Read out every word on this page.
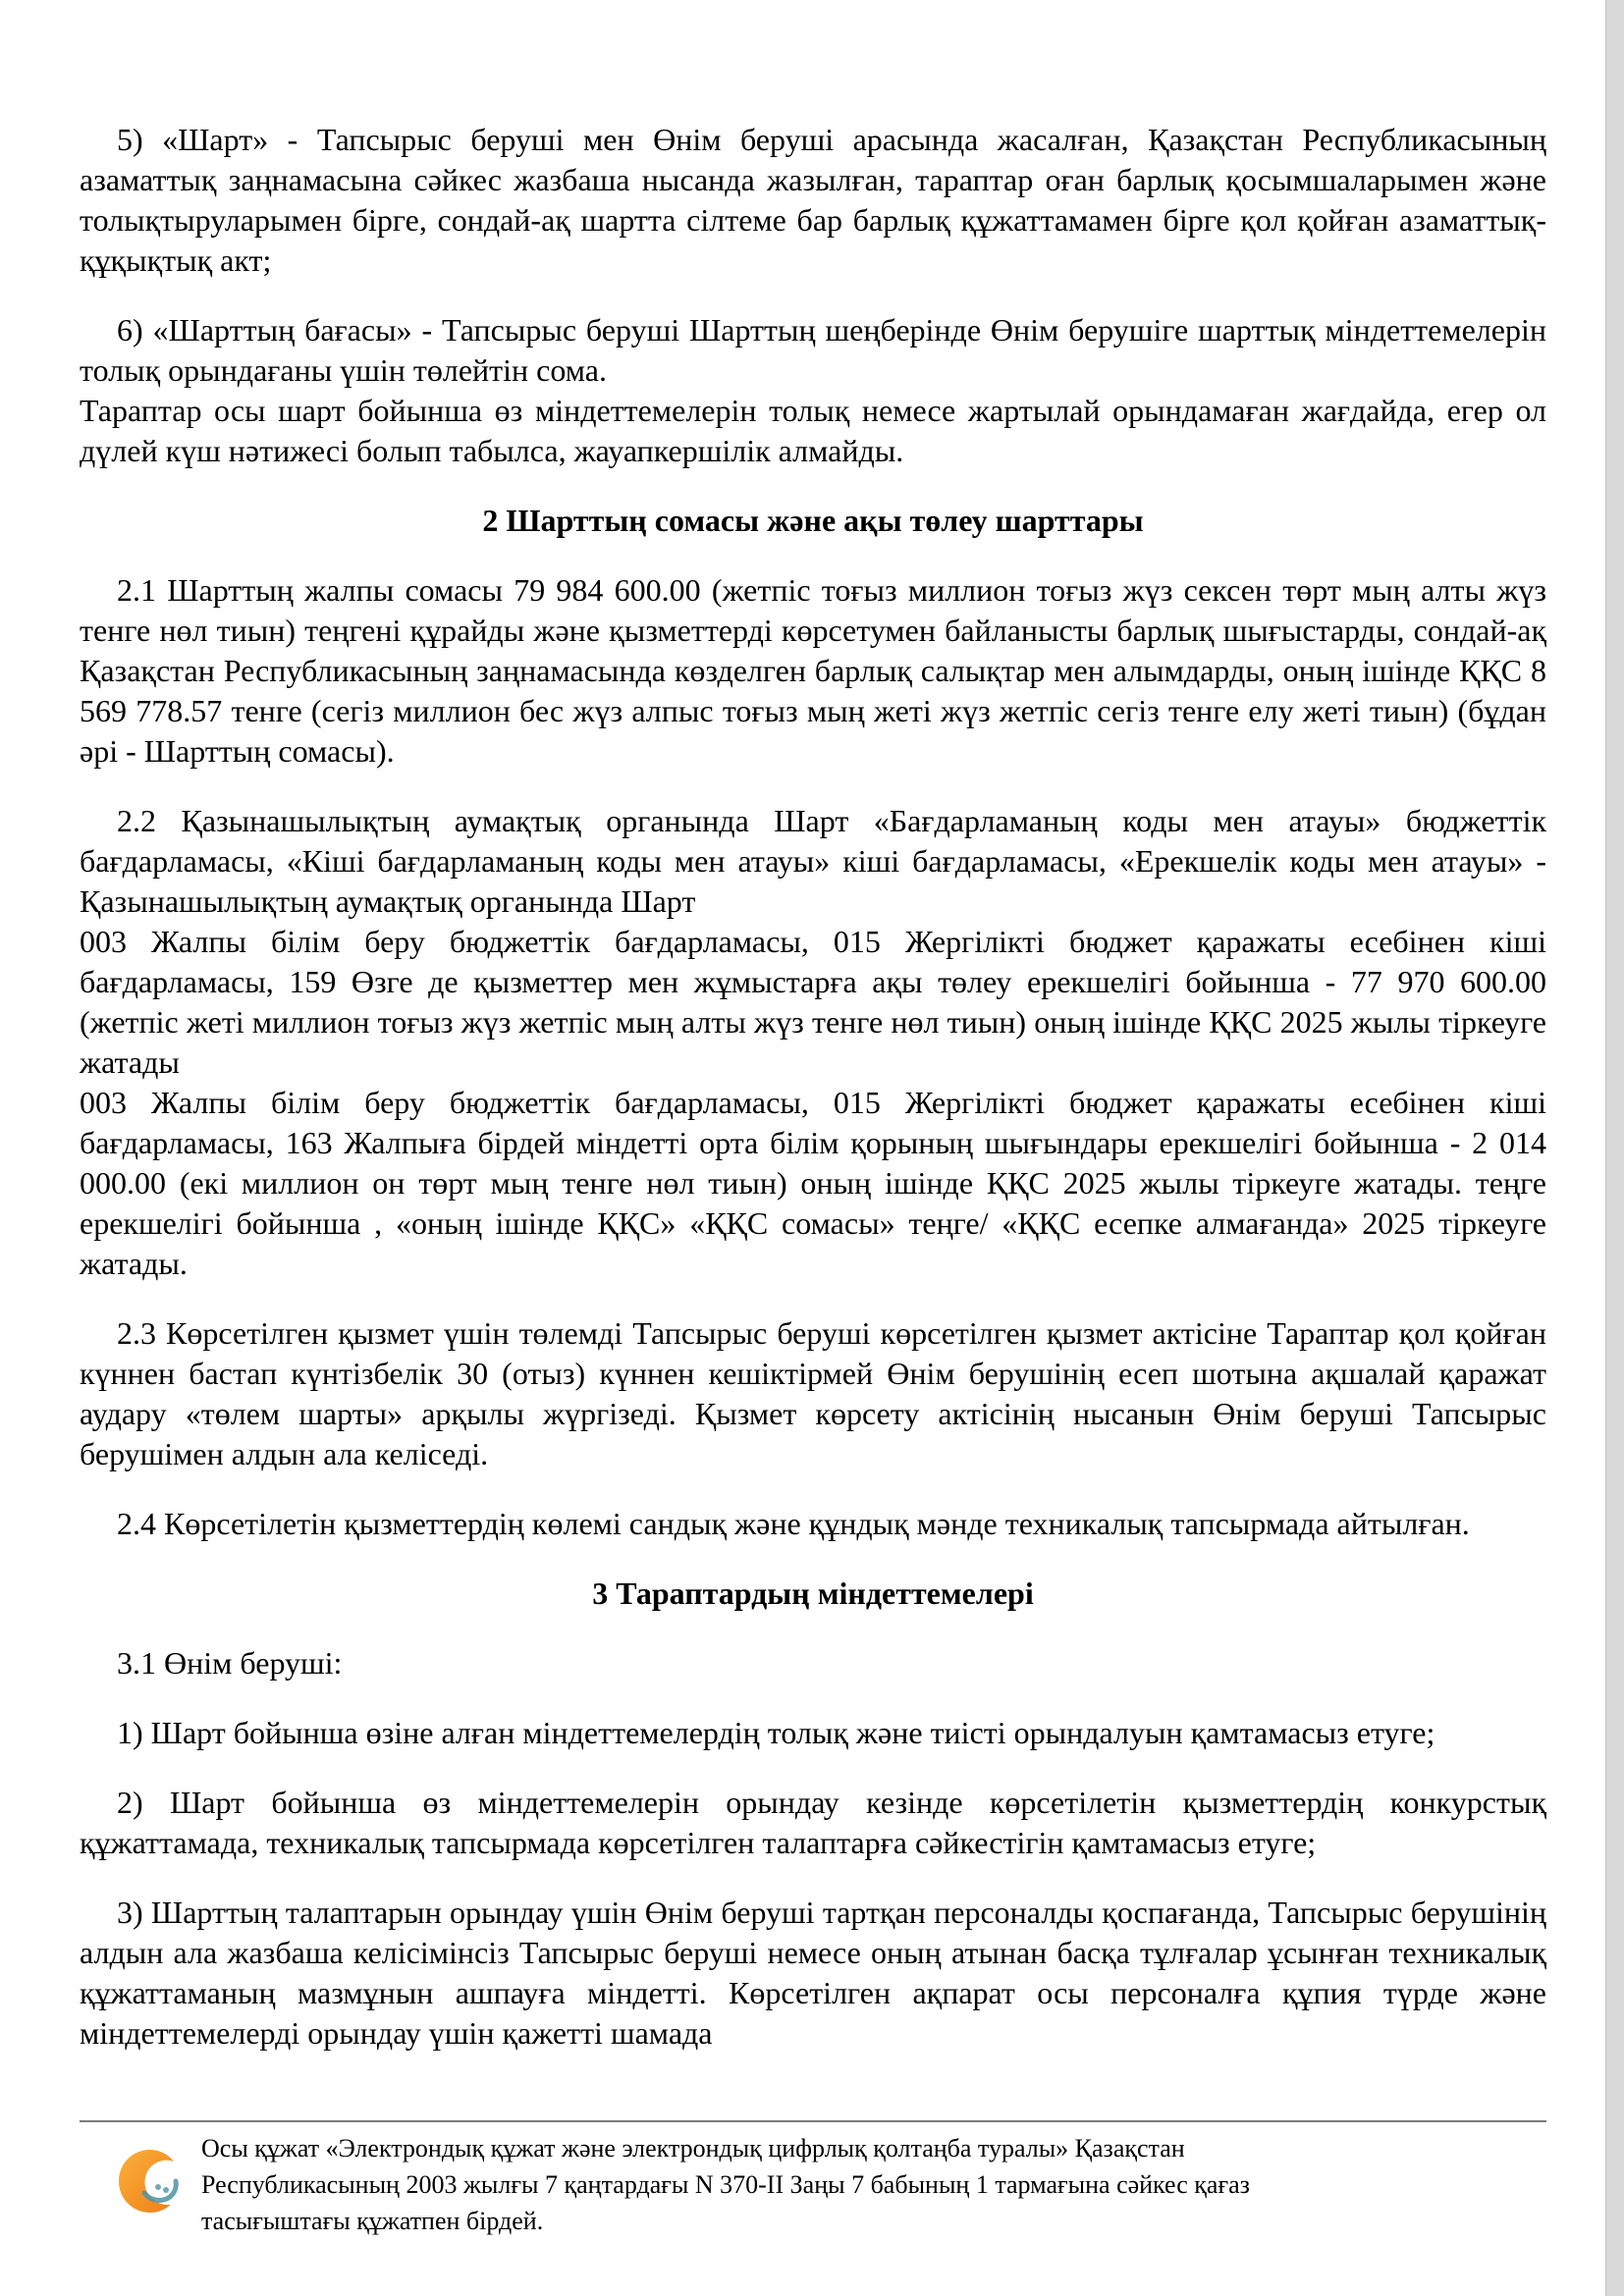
5) «Шарт» - Тапсырыс беруші мен Өнім беруші арасында жасалған, Қазақстан Республикасының азаматтық заңнамасына сәйкес жазбаша нысанда жазылған, тараптар оған барлық қосымшаларымен және толықтыруларымен бірге, сондай-ақ шартта сілтеме бар барлық құжаттамамен бірге қол қойған азаматтық-құқықтық акт;

6) «Шарттың бағасы» - Тапсырыс беруші Шарттың шеңберінде Өнім берушіге шарттық міндеттемелерін толық орындағаны үшін төлейтін сома.

Тараптар осы шарт бойынша өз міндеттемелерін толық немесе жартылай орындамаған жағдайда, егер ол дүлей күш нәтижесі болып табылса, жауапкершілік алмайды.

2 Шарттың сомасы және ақы төлеу шарттары

2.1 Шарттың жалпы сомасы 79 984 600.00 (жетпіс тоғыз миллион тоғыз жүз сексен төрт мың алты жүз тенге нөл тиын) теңгені құрайды және қызметтерді көрсетумен байланысты барлық шығыстарды, сондай-ақ Қазақстан Республикасының заңнамасында көзделген барлық салықтар мен алымдарды, оның ішінде ҚҚС 8 569 778.57 тенге (сегіз миллион бес жүз алпыс тоғыз мың жеті жүз жетпіс сегіз тенге елу жеті тиын) (бұдан әрі - Шарттың сомасы).

2.2 Қазынашылықтың аумақтық органында Шарт «Бағдарламаның коды мен атауы» бюджеттік бағдарламасы, «Кіші бағдарламаның коды мен атауы» кіші бағдарламасы, «Ерекшелік коды мен атауы» - Қазынашылықтың аумақтық органында Шарт

003 Жалпы білім беру бюджеттік бағдарламасы, 015 Жергілікті бюджет қаражаты есебінен кіші бағдарламасы, 159 Өзге де қызметтер мен жұмыстарға ақы төлеу ерекшелігі бойынша - 77 970 600.00 (жетпіс жеті миллион тоғыз жүз жетпіс мың алты жүз тенге нөл тиын) оның ішінде ҚҚС 2025 жылы тіркеуге жатады

003 Жалпы білім беру бюджеттік бағдарламасы, 015 Жергілікті бюджет қаражаты есебінен кіші бағдарламасы, 163 Жалпыға бірдей міндетті орта білім қорының шығындары ерекшелігі бойынша - 2 014 000.00 (екі миллион он төрт мың тенге нөл тиын) оның ішінде ҚҚС 2025 жылы тіркеуге жатады. теңге ерекшелігі бойынша , «оның ішінде ҚҚС» «ҚҚС сомасы» теңге/ «ҚҚС есепке алмағанда» 2025 тіркеуге жатады.

2.3 Көрсетілген қызмет үшін төлемді Тапсырыс беруші көрсетілген қызмет актісіне Тараптар қол қойған күннен бастап күнтізбелік 30 (отыз) күннен кешіктірмей Өнім берушінің есеп шотына ақшалай қаражат аудару «төлем шарты» арқылы жүргізеді. Қызмет көрсету актісінің нысанын Өнім беруші Тапсырыс берушімен алдын ала келіседі.

2.4 Көрсетілетін қызметтердің көлемі сандық және құндық мәнде техникалық тапсырмада айтылған.

3 Тараптардың міндеттемелері

3.1 Өнім беруші:

1) Шарт бойынша өзіне алған міндеттемелердің толық және тиісті орындалуын қамтамасыз етуге;

2) Шарт бойынша өз міндеттемелерін орындау кезінде көрсетілетін қызметтердің конкурстық құжаттамада, техникалық тапсырмада көрсетілген талаптарға сәйкестігін қамтамасыз етуге;

3) Шарттың талаптарын орындау үшін Өнім беруші тартқан персоналды қоспағанда, Тапсырыс берушінің алдын ала жазбаша келісімінсіз Тапсырыс беруші немесе оның атынан басқа тұлғалар ұсынған техникалық құжаттаманың мазмұнын ашпауға міндетті. Көрсетілген ақпарат осы персоналға құпия түрде және міндеттемелерді орындау үшін қажетті шамада

Осы құжат «Электрондық құжат және электрондық цифрлық қолтаңба туралы» Қазақстан
Республикасының 2003 жылғы 7 қаңтардағы N 370-II Заңы 7 бабының 1 тармағына сәйкес қағаз
тасығыштағы құжатпен бірдей.
